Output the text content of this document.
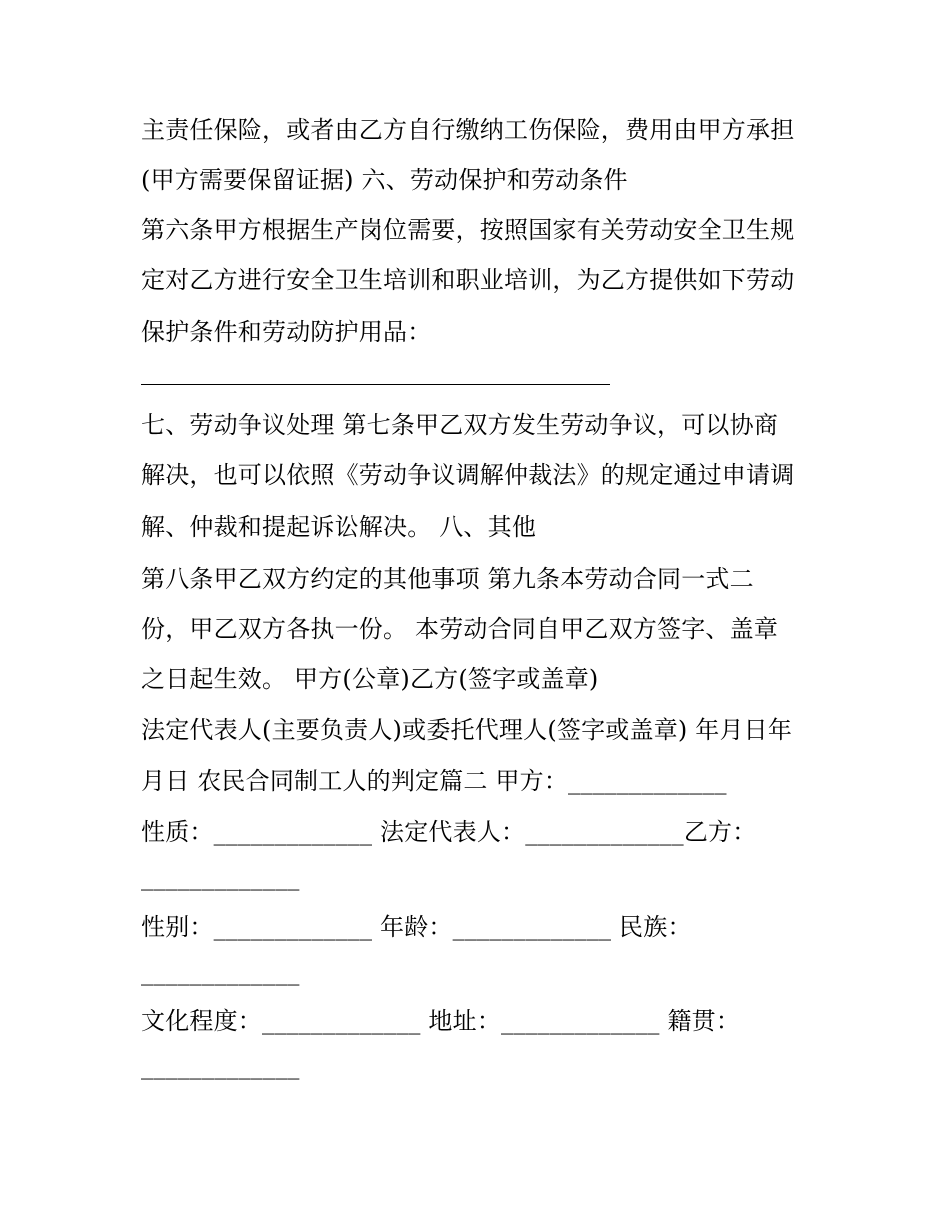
主责任保险，或者由乙方自行缴纳工伤保险，费用由甲方承担
(甲方需要保留证据) 六、劳动保护和劳动条件
第六条甲方根据生产岗位需要，按照国家有关劳动安全卫生规
定对乙方进行安全卫生培训和职业培训，为乙方提供如下劳动
保护条件和劳动防护用品：
七、劳动争议处理 第七条甲乙双方发生劳动争议，可以协商
解决，也可以依照《劳动争议调解仲裁法》的规定通过申请调
解、仲裁和提起诉讼解决。 八、其他
第八条甲乙双方约定的其他事项 第九条本劳动合同一式二
份，甲乙双方各执一份。 本劳动合同自甲乙双方签字、盖章
之日起生效。 甲方(公章)乙方(签字或盖章)
法定代表人(主要负责人)或委托代理人(签字或盖章) 年月日年
月日 农民合同制工人的判定篇二 甲方：_____________
性质：_____________ 法定代表人：_____________乙方：
_____________
性别：_____________ 年龄：_____________ 民族：
_____________
文化程度：_____________ 地址：_____________ 籍贯：
_____________
